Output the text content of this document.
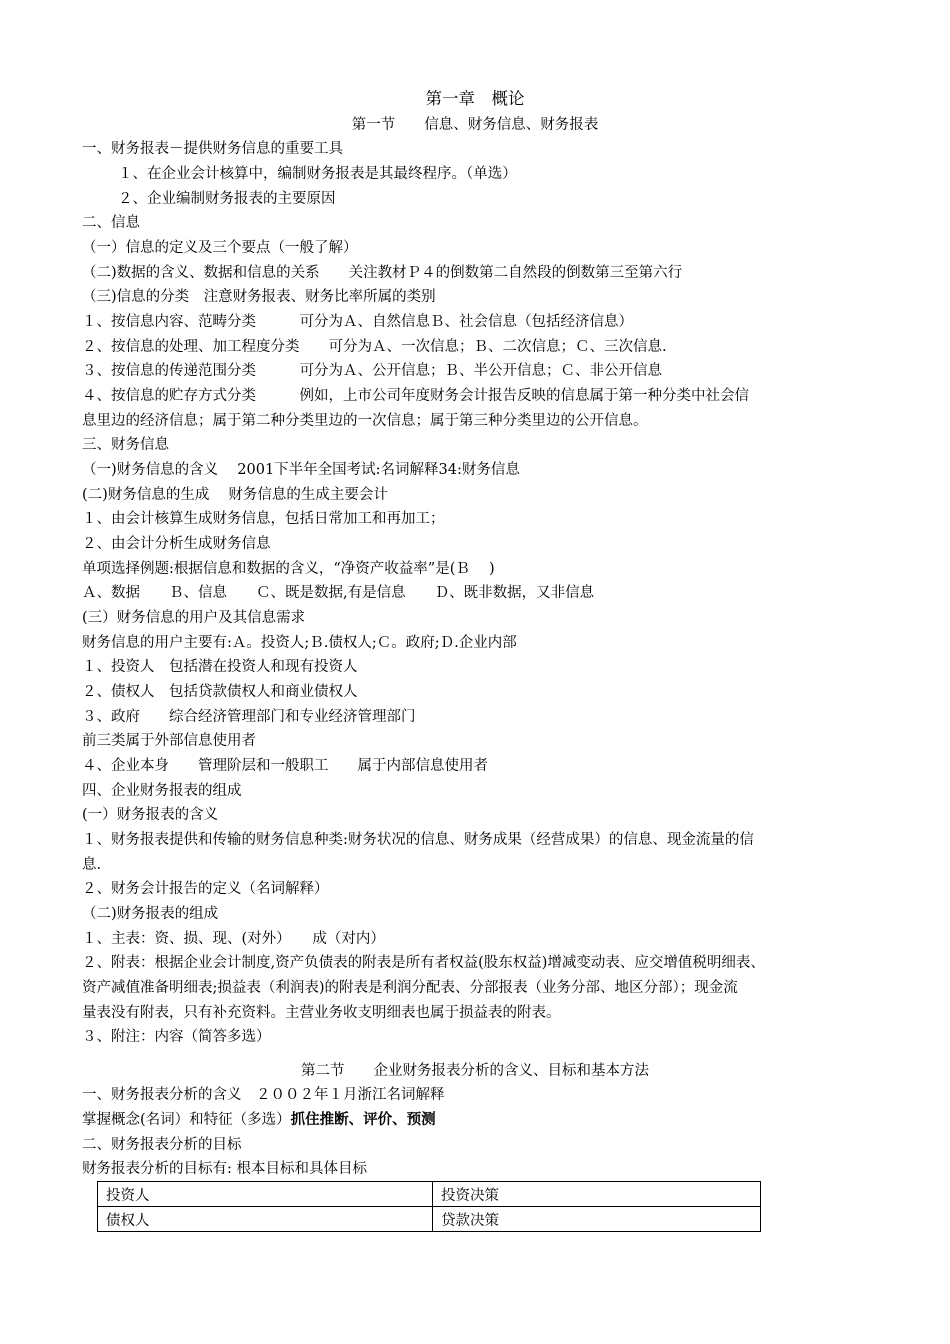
第一章　概论
第一节　　信息、财务信息、财务报表
一、财务报表－提供财务信息的重要工具
１、在企业会计核算中，编制财务报表是其最终程序。（单选）
２、企业编制财务报表的主要原因
二、信息
（一）信息的定义及三个要点（一般了解）
（二)数据的含义、数据和信息的关系　　关注教材Ｐ４的倒数第二自然段的倒数第三至第六行
（三)信息的分类　注意财务报表、财务比率所属的类别
１、按信息内容、范畴分类　　　可分为Ａ、自然信息Ｂ、社会信息（包括经济信息）
２、按信息的处理、加工程度分类　　可分为Ａ、一次信息；Ｂ、二次信息；Ｃ、三次信息.
３、按信息的传递范围分类　　　可分为Ａ、公开信息；Ｂ、半公开信息；Ｃ、非公开信息
４、按信息的贮存方式分类　　　例如，上市公司年度财务会计报告反映的信息属于第一种分类中社会信
息里边的经济信息；属于第二种分类里边的一次信息；属于第三种分类里边的公开信息。
三、财务信息
（一)财务信息的含义　 2001下半年全国考试:名词解释34:财务信息
(二)财务信息的生成　 财务信息的生成主要会计
１、由会计核算生成财务信息，包括日常加工和再加工；
２、由会计分析生成财务信息
单项选择例题:根据信息和数据的含义，“净资产收益率”是(Ｂ　 )
Ａ、数据　　Ｂ、信息　　Ｃ、既是数据,有是信息　　Ｄ、既非数据，又非信息
(三）财务信息的用户及其信息需求
财务信息的用户主要有:Ａ。投资人;Ｂ.债权人;Ｃ。政府;Ｄ.企业内部
１、投资人　包括潜在投资人和现有投资人
２、债权人　包括贷款债权人和商业债权人
３、政府　　综合经济管理部门和专业经济管理部门
前三类属于外部信息使用者
４、企业本身　　管理阶层和一般职工　　属于内部信息使用者
四、企业财务报表的组成
(一）财务报表的含义
１、财务报表提供和传输的财务信息种类:财务状况的信息、财务成果（经营成果）的信息、现金流量的信
息.
２、财务会计报告的定义（名词解释）
（二)财务报表的组成
１、主表：资、损、现、(对外）　　成（对内）
２、附表：根据企业会计制度,资产负债表的附表是所有者权益(股东权益)增减变动表、应交增值税明细表、
资产减值准备明细表;损益表（利润表)的附表是利润分配表、分部报表（业务分部、地区分部）；现金流
量表没有附表，只有补充资料。主营业务收支明细表也属于损益表的附表。
３、附注：内容（简答多选）
第二节　　企业财务报表分析的含义、目标和基本方法
一、财务报表分析的含义　２００２年１月浙江名词解释
掌握概念(名词）和特征（多选）抓住推断、评价、预测
二、财务报表分析的目标
财务报表分析的目标有: 根本目标和具体目标
投资人	投资决策
债权人	贷款决策
